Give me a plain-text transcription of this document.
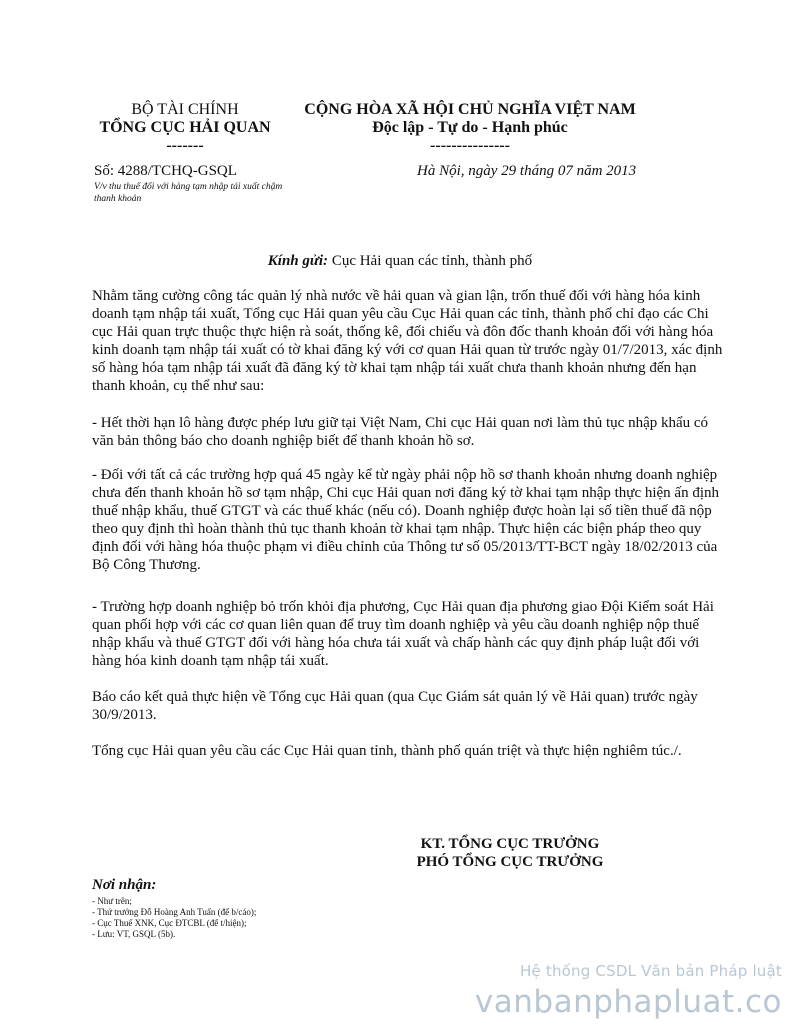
BỘ TÀI CHÍNH
TỔNG CỤC HẢI QUAN
-------
CỘNG HÒA XÃ HỘI CHỦ NGHĨA VIỆT NAM
Độc lập - Tự do - Hạnh phúc
---------------
Số: 4288/TCHQ-GSQL
V/v thu thuế đối với hàng tạm nhập tái xuất chậm thanh khoản
Hà Nội, ngày 29 tháng 07 năm 2013
Kính gửi: Cục Hải quan các tỉnh, thành phố
Nhằm tăng cường công tác quản lý nhà nước về hải quan và gian lận, trốn thuế đối với hàng hóa kinh doanh tạm nhập tái xuất, Tổng cục Hải quan yêu cầu Cục Hải quan các tỉnh, thành phố chỉ đạo các Chi cục Hải quan trực thuộc thực hiện rà soát, thống kê, đối chiếu và đôn đốc thanh khoản đối với hàng hóa kinh doanh tạm nhập tái xuất có tờ khai đăng ký với cơ quan Hải quan từ trước ngày 01/7/2013, xác định số hàng hóa tạm nhập tái xuất đã đăng ký tờ khai tạm nhập tái xuất chưa thanh khoản nhưng đến hạn thanh khoản, cụ thể như sau:
- Hết thời hạn lô hàng được phép lưu giữ tại Việt Nam, Chi cục Hải quan nơi làm thủ tục nhập khẩu có văn bản thông báo cho doanh nghiệp biết để thanh khoản hồ sơ.
- Đối với tất cả các trường hợp quá 45 ngày kể từ ngày phải nộp hồ sơ thanh khoản nhưng doanh nghiệp chưa đến thanh khoản hồ sơ tạm nhập, Chi cục Hải quan nơi đăng ký tờ khai tạm nhập thực hiện ấn định thuế nhập khẩu, thuế GTGT và các thuế khác (nếu có). Doanh nghiệp được hoàn lại số tiền thuế đã nộp theo quy định thì hoàn thành thủ tục thanh khoản tờ khai tạm nhập. Thực hiện các biện pháp theo quy định đối với hàng hóa thuộc phạm vi điều chỉnh của Thông tư số 05/2013/TT-BCT ngày 18/02/2013 của Bộ Công Thương.
- Trường hợp doanh nghiệp bỏ trốn khỏi địa phương, Cục Hải quan địa phương giao Đội Kiểm soát Hải quan phối hợp với các cơ quan liên quan để truy tìm doanh nghiệp và yêu cầu doanh nghiệp nộp thuế nhập khẩu và thuế GTGT đối với hàng hóa chưa tái xuất và chấp hành các quy định pháp luật đối với hàng hóa kinh doanh tạm nhập tái xuất.
Báo cáo kết quả thực hiện về Tổng cục Hải quan (qua Cục Giám sát quản lý về Hải quan) trước ngày 30/9/2013.
Tổng cục Hải quan yêu cầu các Cục Hải quan tỉnh, thành phố quán triệt và thực hiện nghiêm túc./.
KT. TỔNG CỤC TRƯỞNG
PHÓ TỔNG CỤC TRƯỞNG
Nơi nhận:
- Như trên;
- Thứ trưởng Đỗ Hoàng Anh Tuấn (để b/cáo);
- Cục Thuế XNK, Cục ĐTCBL (để t/hiện);
- Lưu: VT, GSQL (5b).
Hệ thống CSDL Văn bản Pháp luật
vanbanphapluat.co
